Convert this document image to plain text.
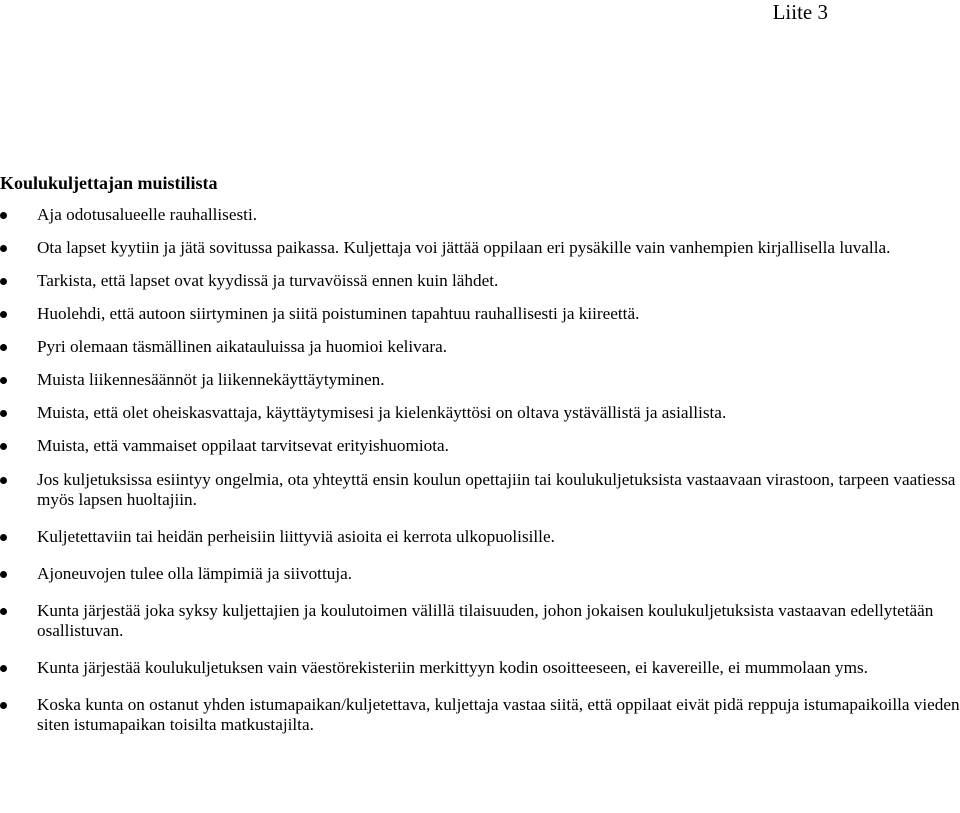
Liite 3
Koulukuljettajan muistilista
Aja odotusalueelle rauhallisesti.
Ota lapset kyytiin ja jätä sovitussa paikassa. Kuljettaja voi jättää oppilaan eri pysäkille vain vanhempien kirjallisella luvalla.
Tarkista, että lapset ovat kyydissä ja turvavöissä ennen kuin lähdet.
Huolehdi, että autoon siirtyminen ja siitä poistuminen tapahtuu rauhallisesti ja kiireettä.
Pyri olemaan täsmällinen aikatauluissa ja huomioi kelivara.
Muista liikennesäännöt ja liikennekäyttäytyminen.
Muista, että olet oheiskasvattaja, käyttäytymisesi ja kielenkäyttösi on oltava ystävällistä ja asiallista.
Muista, että vammaiset oppilaat tarvitsevat erityishuomiota.
Jos kuljetuksissa esiintyy ongelmia, ota yhteyttä ensin koulun opettajiin tai koulukuljetuksista vastaavaan virastoon, tarpeen vaatiessa myös lapsen huoltajiin.
Kuljetettaviin tai heidän perheisiin liittyviä asioita ei kerrota ulkopuolisille.
Ajoneuvojen tulee olla lämpimiä ja siivottuja.
Kunta järjestää joka syksy kuljettajien ja koulutoimen välillä tilaisuuden, johon jokaisen koulukuljetuksista vastaavan edellytetään osallistuvan.
Kunta järjestää koulukuljetuksen vain väestörekisteriin merkittyyn kodin osoitteeseen, ei kavereille, ei mummolaan yms.
Koska kunta on ostanut yhden istumapaikan/kuljetettava, kuljettaja vastaa siitä, että oppilaat eivät pidä reppuja istumapaikoilla vieden siten istumapaikan toisilta matkustajilta.
